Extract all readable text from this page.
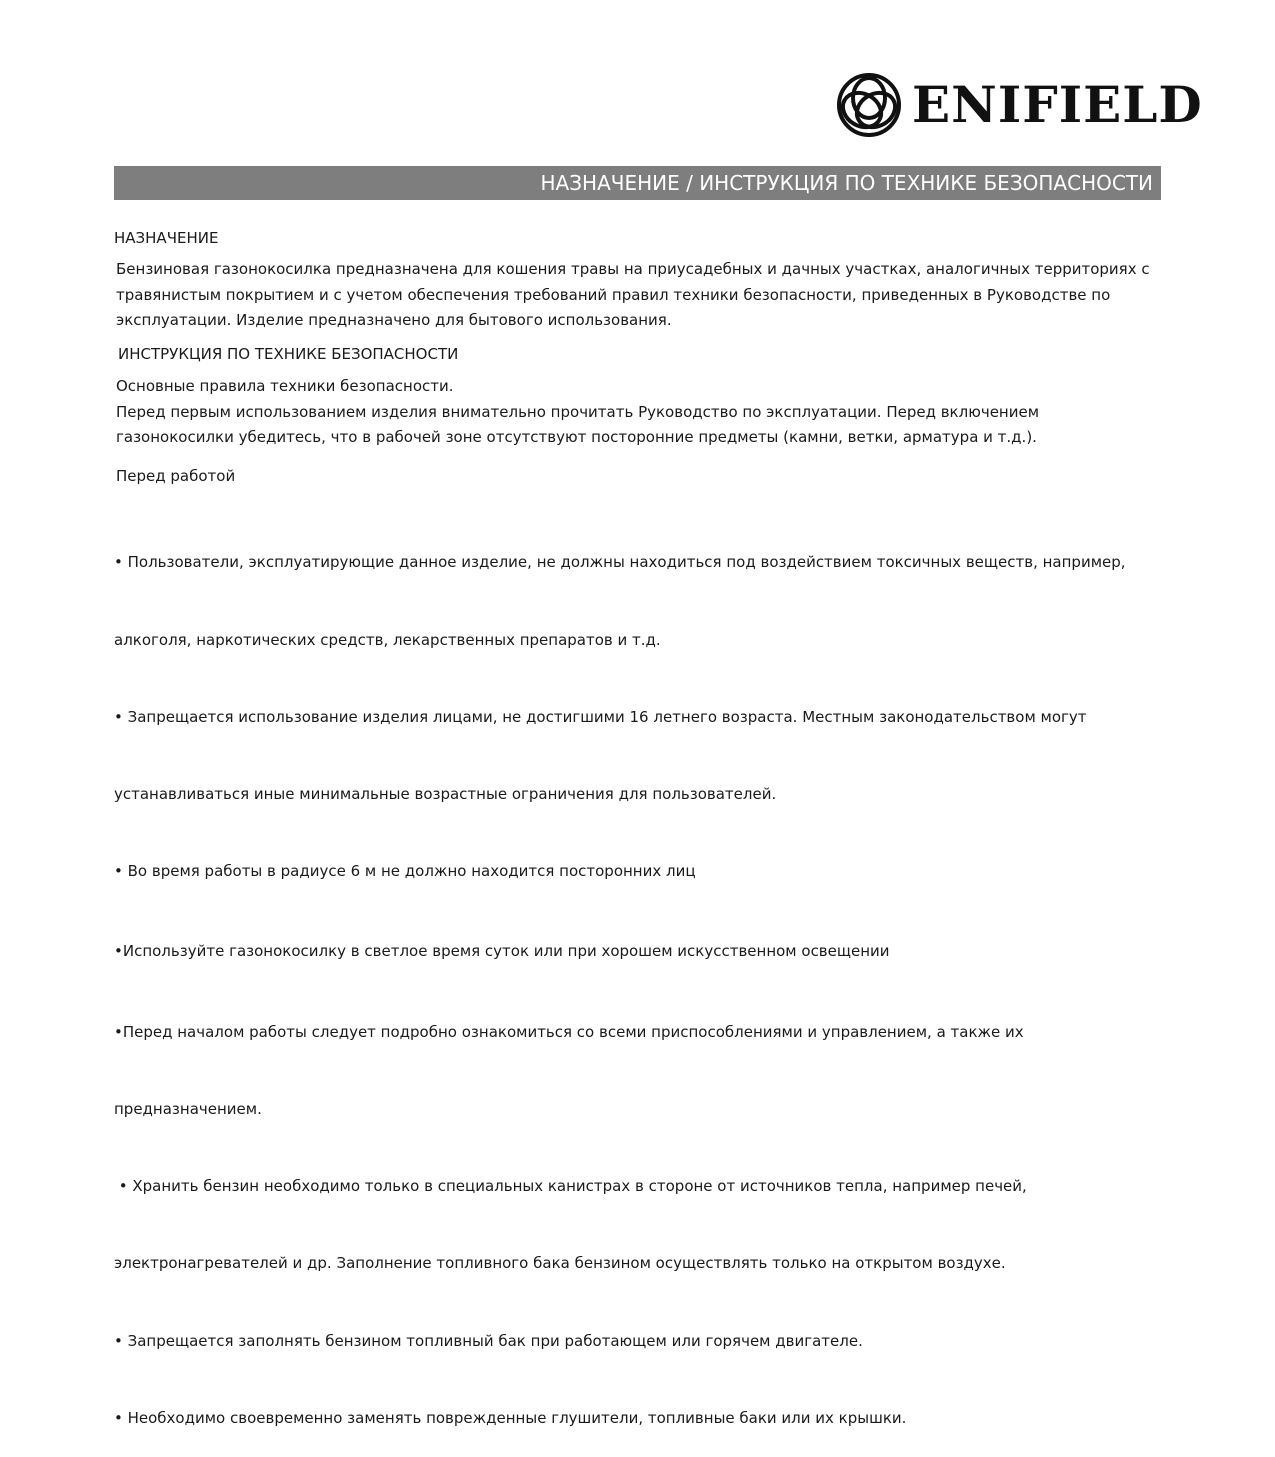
ENIFIELD
НАЗНАЧЕНИЕ / ИНСТРУКЦИЯ ПО ТЕХНИКЕ БЕЗОПАСНОСТИ
НАЗНАЧЕНИЕ
Бензиновая газонокосилка предназначена для кошения травы на приусадебных и дачных участках, аналогичных территориях с
травянистым покрытием и с учетом обеспечения требований правил техники безопасности, приведенных в Руководстве по
эксплуатации. Изделие предназначено для бытового использования.
ИНСТРУКЦИЯ ПО ТЕХНИКЕ БЕЗОПАСНОСТИ
Основные правила техники безопасности.
Перед первым использованием изделия внимательно прочитать Руководство по эксплуатации. Перед включением
газонокосилки убедитесь, что в рабочей зоне отсутствуют посторонние предметы (камни, ветки, арматура и т.д.).
Перед работой

• Пользователи, эксплуатирующие данное изделие, не должны находиться под воздействием токсичных веществ, например,

алкоголя, наркотических средств, лекарственных препаратов и т.д.

• Запрещается использование изделия лицами, не достигшими 16 летнего возраста. Местным законодательством могут

устанавливаться иные минимальные возрастные ограничения для пользователей.

• Во время работы в радиусе 6 м не должно находится посторонних лиц

•Используйте газонокосилку в светлое время суток или при хорошем искусственном освещении

•Перед началом работы следует подробно ознакомиться со всеми приспособлениями и управлением, а также их

предназначением.

• Хранить бензин необходимо только в специальных канистрах в стороне от источников тепла, например печей,

электронагревателей и др. Заполнение топливного бака бензином осуществлять только на открытом воздухе.

• Запрещается заполнять бензином топливный бак при работающем или горячем двигателе.

• Необходимо своевременно заменять поврежденные глушители, топливные баки или их крышки.
